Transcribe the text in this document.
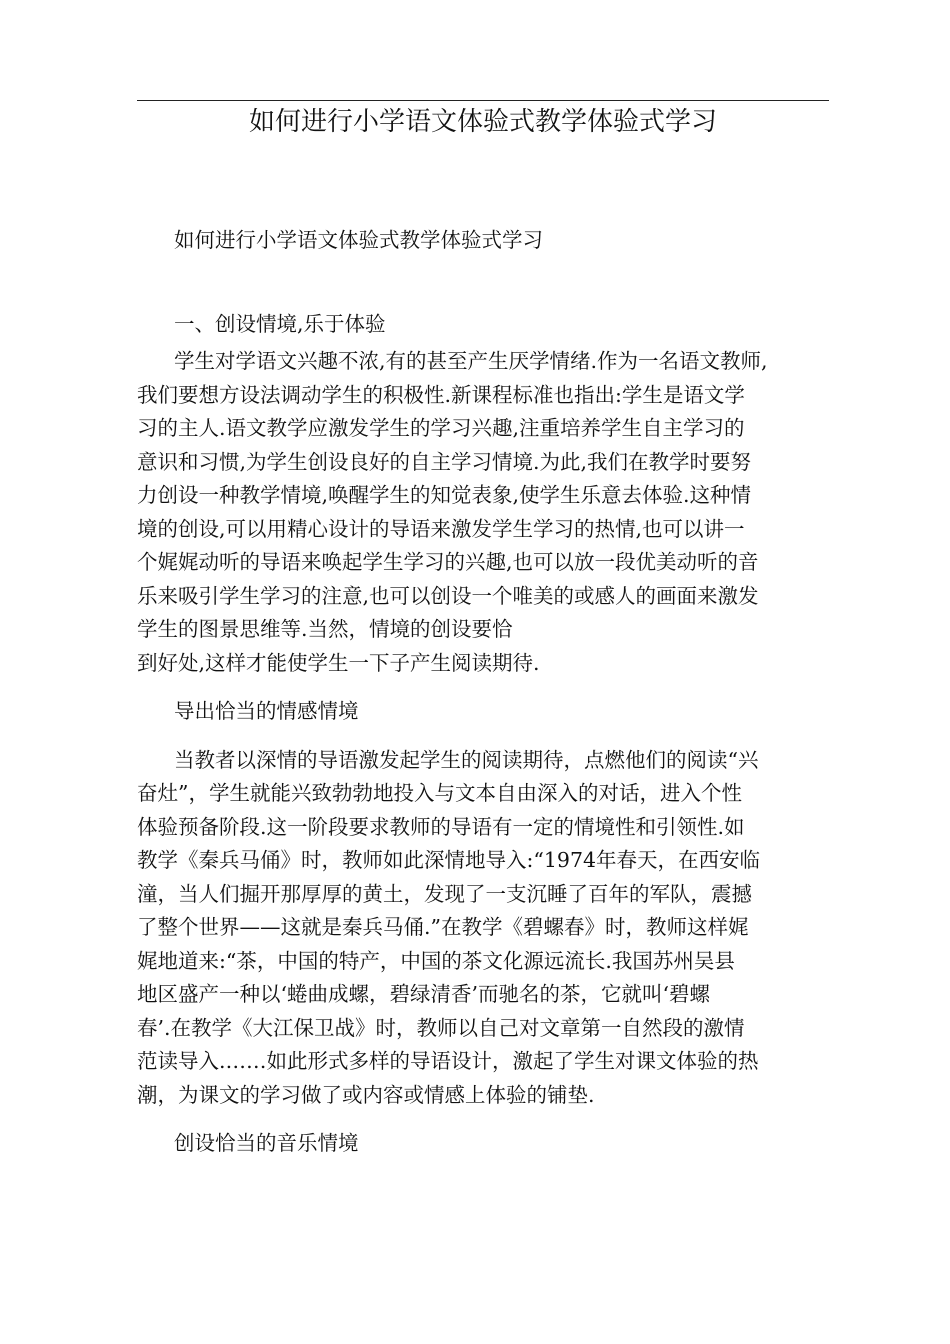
如何进行小学语文体验式教学体验式学习

如何进行小学语文体验式教学体验式学习

一、创设情境,乐于体验

学生对学语文兴趣不浓,有的甚至产生厌学情绪.作为一名语文教师,

我们要想方设法调动学生的积极性.新课程标准也指出:学生是语文学

习的主人.语文教学应激发学生的学习兴趣,注重培养学生自主学习的

意识和习惯,为学生创设良好的自主学习情境.为此,我们在教学时要努

力创设一种教学情境,唤醒学生的知觉表象,使学生乐意去体验.这种情

境的创设,可以用精心设计的导语来激发学生学习的热情,也可以讲一

个娓娓动听的导语来唤起学生学习的兴趣,也可以放一段优美动听的音

乐来吸引学生学习的注意,也可以创设一个唯美的或感人的画面来激发

学生的图景思维等.当然，情境的创设要恰

到好处,这样才能使学生一下子产生阅读期待.

导出恰当的情感情境

当教者以深情的导语激发起学生的阅读期待，点燃他们的阅读“兴

奋灶”，学生就能兴致勃勃地投入与文本自由深入的对话，进入个性

体验预备阶段.这一阶段要求教师的导语有一定的情境性和引领性.如

教学《秦兵马俑》时，教师如此深情地导入:“1974年春天，在西安临

潼，当人们掘开那厚厚的黄土，发现了一支沉睡了百年的军队，震撼

了整个世界——这就是秦兵马俑.”在教学《碧螺春》时，教师这样娓

娓地道来:“茶，中国的特产，中国的茶文化源远流长.我国苏州吴县

地区盛产一种以‘蜷曲成螺，碧绿清香’而驰名的茶，它就叫‘碧螺

春’.在教学《大江保卫战》时，教师以自己对文章第一自然段的激情

范读导入.……如此形式多样的导语设计，激起了学生对课文体验的热

潮，为课文的学习做了或内容或情感上体验的铺垫.

创设恰当的音乐情境
